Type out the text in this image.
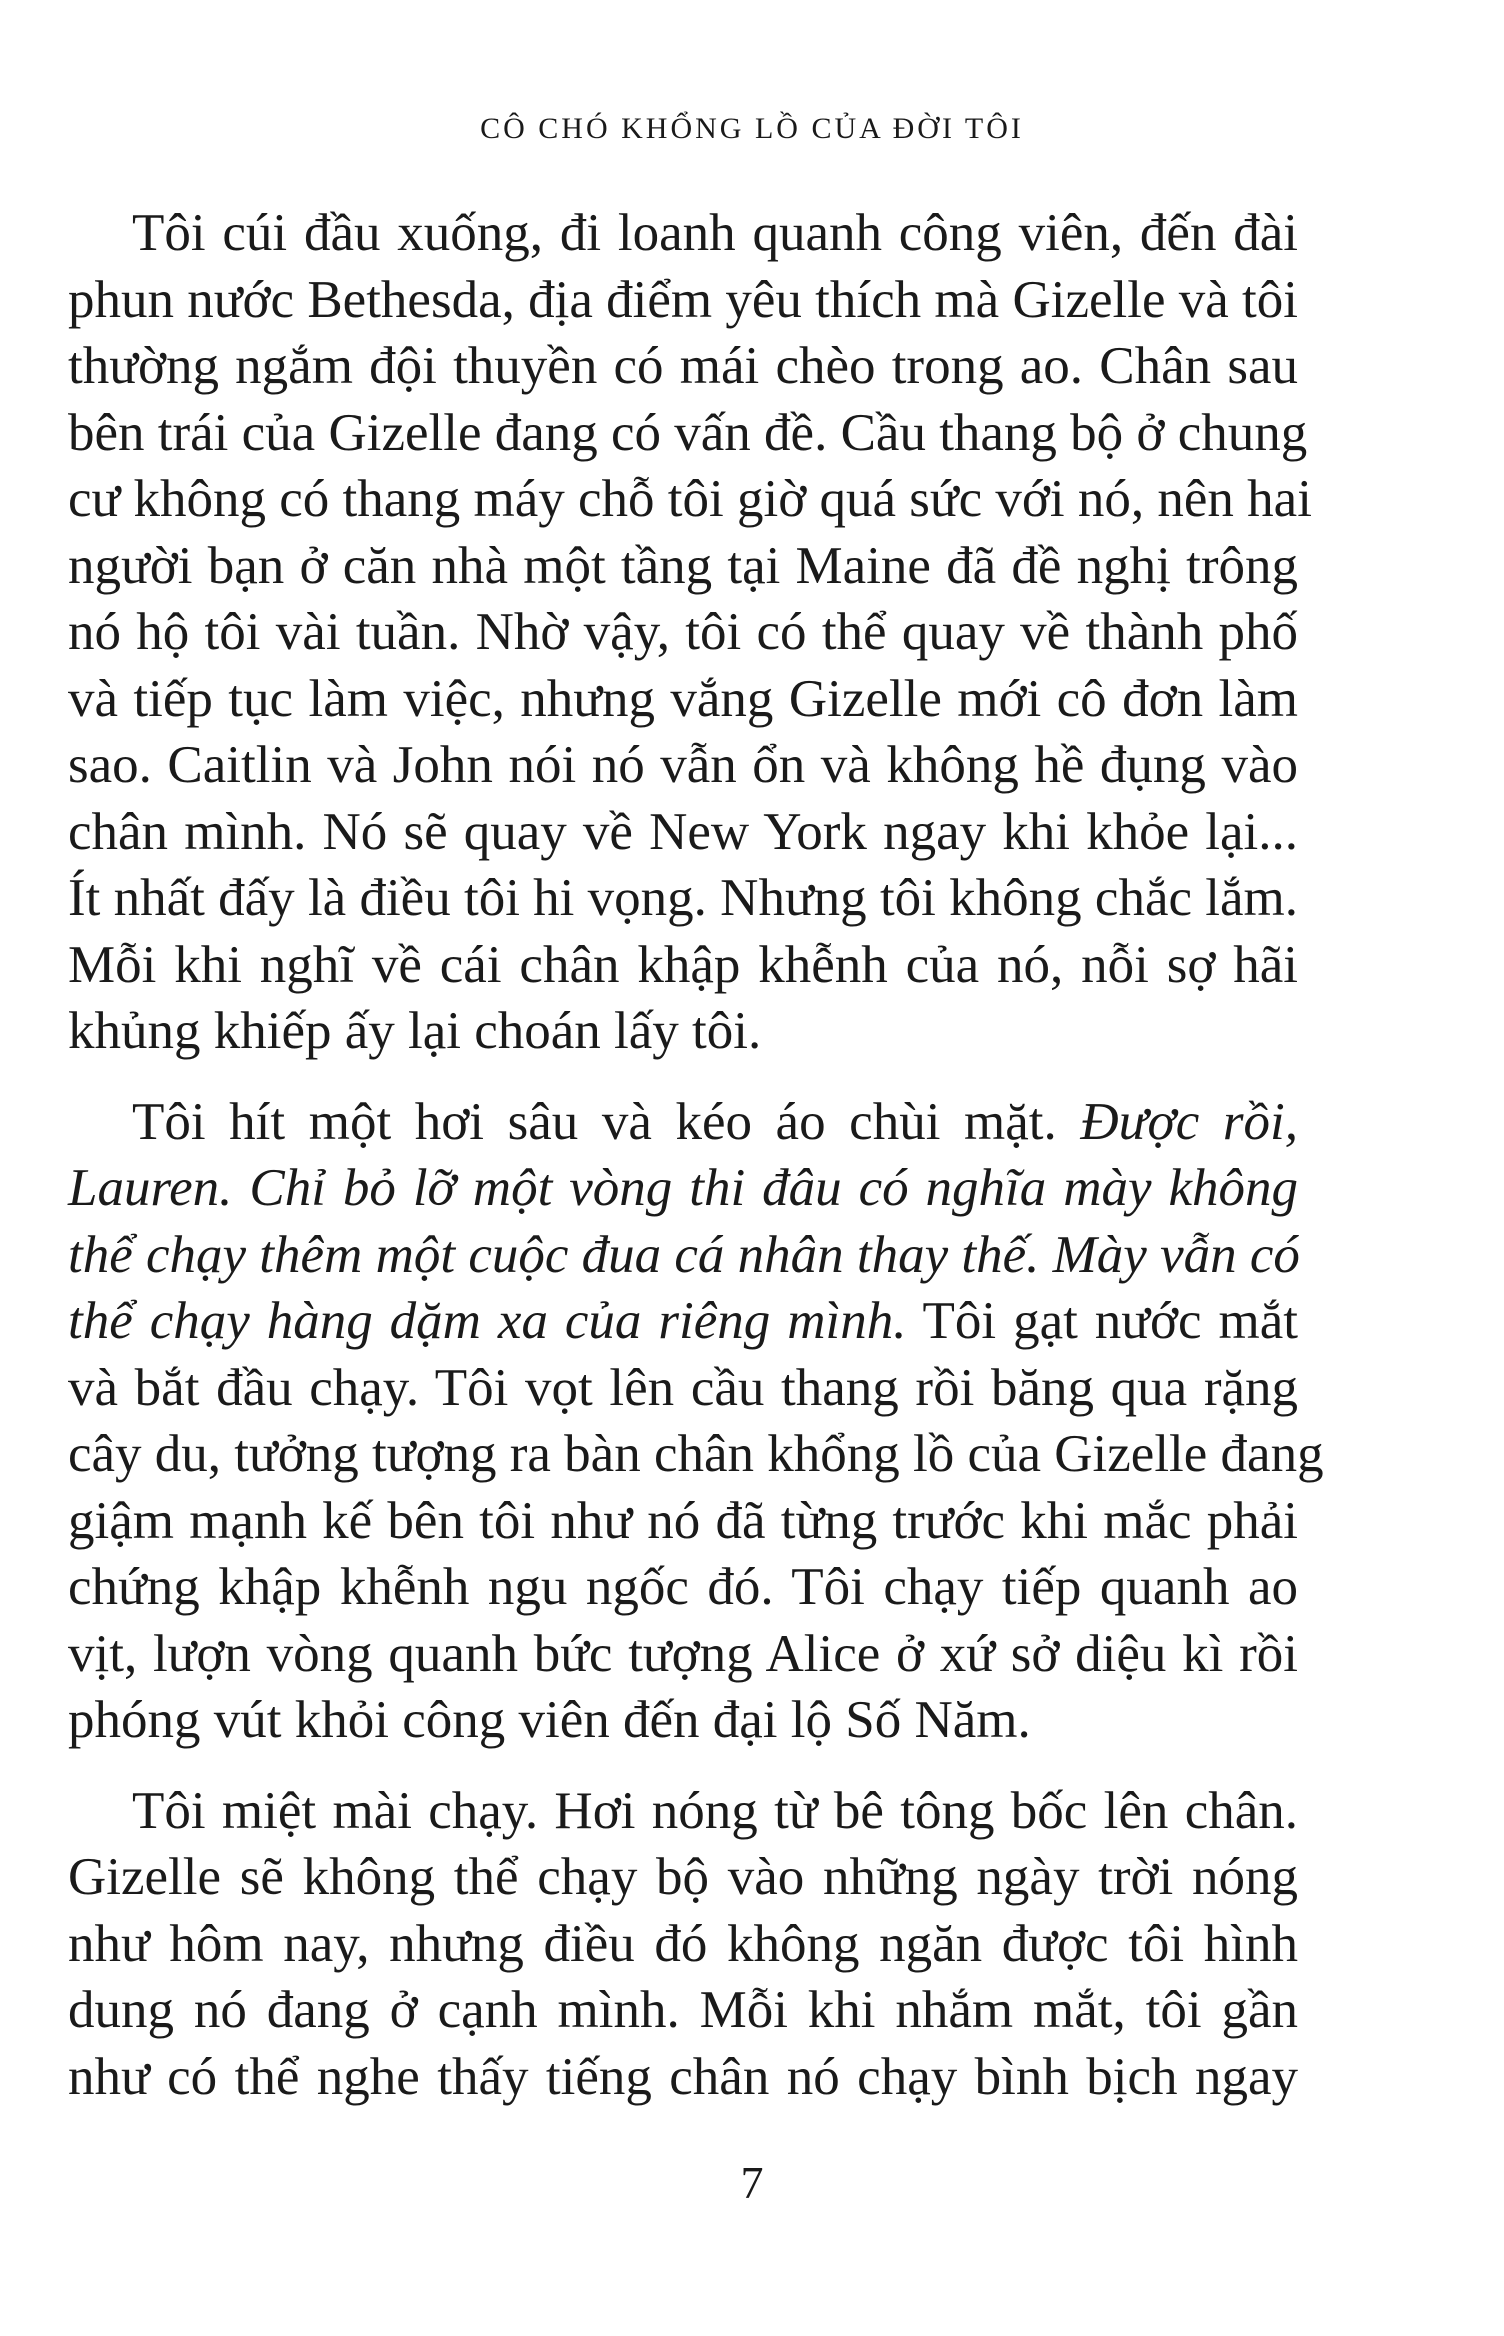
CÔ CHÓ KHỔNG LỒ CỦA ĐỜI TÔI
Tôi cúi đầu xuống, đi loanh quanh công viên, đến đài
phun nước Bethesda, địa điểm yêu thích mà Gizelle và tôi
thường ngắm đội thuyền có mái chèo trong ao. Chân sau
bên trái của Gizelle đang có vấn đề. Cầu thang bộ ở chung
cư không có thang máy chỗ tôi giờ quá sức với nó, nên hai
người bạn ở căn nhà một tầng tại Maine đã đề nghị trông
nó hộ tôi vài tuần. Nhờ vậy, tôi có thể quay về thành phố
và tiếp tục làm việc, nhưng vắng Gizelle mới cô đơn làm
sao. Caitlin và John nói nó vẫn ổn và không hề đụng vào
chân mình. Nó sẽ quay về New York ngay khi khỏe lại...
Ít nhất đấy là điều tôi hi vọng. Nhưng tôi không chắc lắm.
Mỗi khi nghĩ về cái chân khập khễnh của nó, nỗi sợ hãi
khủng khiếp ấy lại choán lấy tôi.
Tôi hít một hơi sâu và kéo áo chùi mặt. Được rồi,
Lauren. Chỉ bỏ lỡ một vòng thi đâu có nghĩa mày không
thể chạy thêm một cuộc đua cá nhân thay thế. Mày vẫn có
thể chạy hàng dặm xa của riêng mình. Tôi gạt nước mắt
và bắt đầu chạy. Tôi vọt lên cầu thang rồi băng qua rặng
cây du, tưởng tượng ra bàn chân khổng lồ của Gizelle đang
giậm mạnh kế bên tôi như nó đã từng trước khi mắc phải
chứng khập khễnh ngu ngốc đó. Tôi chạy tiếp quanh ao
vịt, lượn vòng quanh bức tượng Alice ở xứ sở diệu kì rồi
phóng vút khỏi công viên đến đại lộ Số Năm.
Tôi miệt mài chạy. Hơi nóng từ bê tông bốc lên chân.
Gizelle sẽ không thể chạy bộ vào những ngày trời nóng
như hôm nay, nhưng điều đó không ngăn được tôi hình
dung nó đang ở cạnh mình. Mỗi khi nhắm mắt, tôi gần
như có thể nghe thấy tiếng chân nó chạy bình bịch ngay
7
